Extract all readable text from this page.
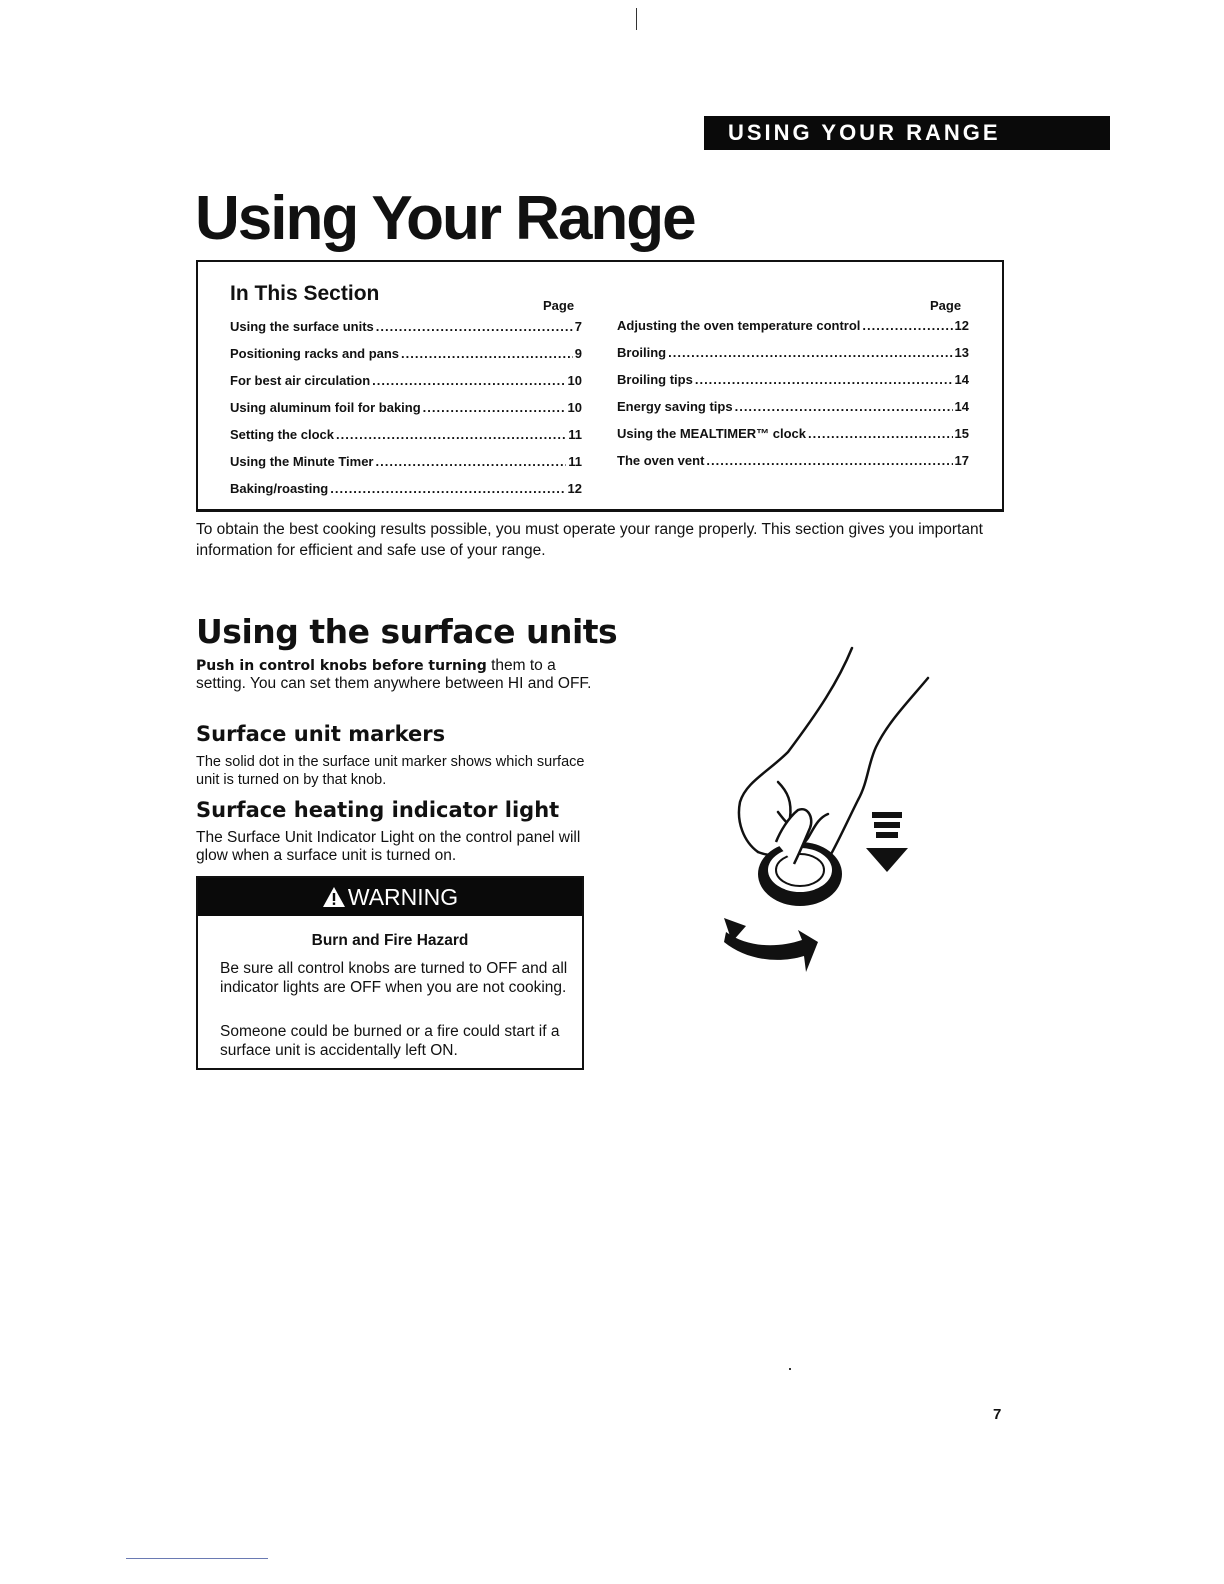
USING YOUR RANGE
Using Your Range
In This Section
Page	Page
Using the surface units .....	7
Positioning racks and pans .....	9
For best air circulation .....	10
Using aluminum foil for baking .....	10
Setting the clock .....	11
Using the Minute Timer .....	11
Baking/roasting .....	12
Adjusting the oven temperature control .....	12
Broiling .....	13
Broiling tips .....	14
Energy saving tips .....	14
Using the MEALTIMER™ clock .....	15
The oven vent .....	17
To obtain the best cooking results possible, you must operate your range properly. This section gives you important information for efficient and safe use of your range.
Using the surface units
Push in control knobs before turning them to a setting. You can set them anywhere between HI and OFF.
Surface unit markers
The solid dot in the surface unit marker shows which surface unit is turned on by that knob.
Surface heating indicator light
The Surface Unit Indicator Light on the control panel will glow when a surface unit is turned on.
WARNING
Burn and Fire Hazard
Be sure all control knobs are turned to OFF and all indicator lights are OFF when you are not cooking.
Someone could be burned or a fire could start if a surface unit is accidentally left ON.
7
